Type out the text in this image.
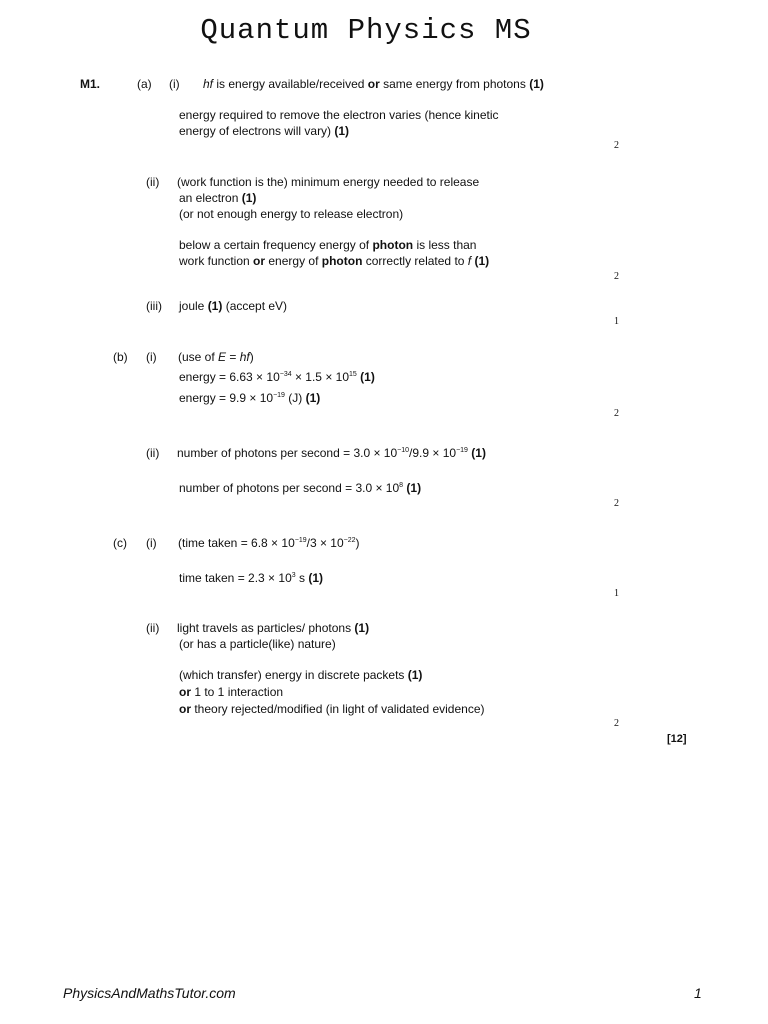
Quantum Physics MS
M1.	(a) (i) hf is energy available/received or same energy from photons (1)
energy required to remove the electron varies (hence kinetic
energy of electrons will vary) (1)
2
(ii) (work function is the) minimum energy needed to release
an electron (1)
(or not enough energy to release electron)
below a certain frequency energy of photon is less than
work function or energy of photon correctly related to f (1)
2
(iii) joule (1) (accept eV)
1
(b) (i) (use of E = hf)
energy = $6.63 \times 10^{-34} \times 1.5 \times 10^{15}$ (1)
energy = $9.9 \times 10^{-19}$ (J) (1)
2
(ii) number of photons per second = $3.0 \times 10^{-10}/9.9 \times 10^{-19}$ (1)
number of photons per second = $3.0 \times 10^8$ (1)
2
(c) (i) (time taken = $6.8 \times 10^{-19}/3 \times 10^{-22}$)
time taken = $2.3 \times 10^3$ s (1)
1
(ii) light travels as particles/ photons (1)
(or has a particle(like) nature)
(which transfer) energy in discrete packets (1)
or 1 to 1 interaction
or theory rejected/modified (in light of validated evidence)
2
[12]
PhysicsAndMathsTutor.com	1
